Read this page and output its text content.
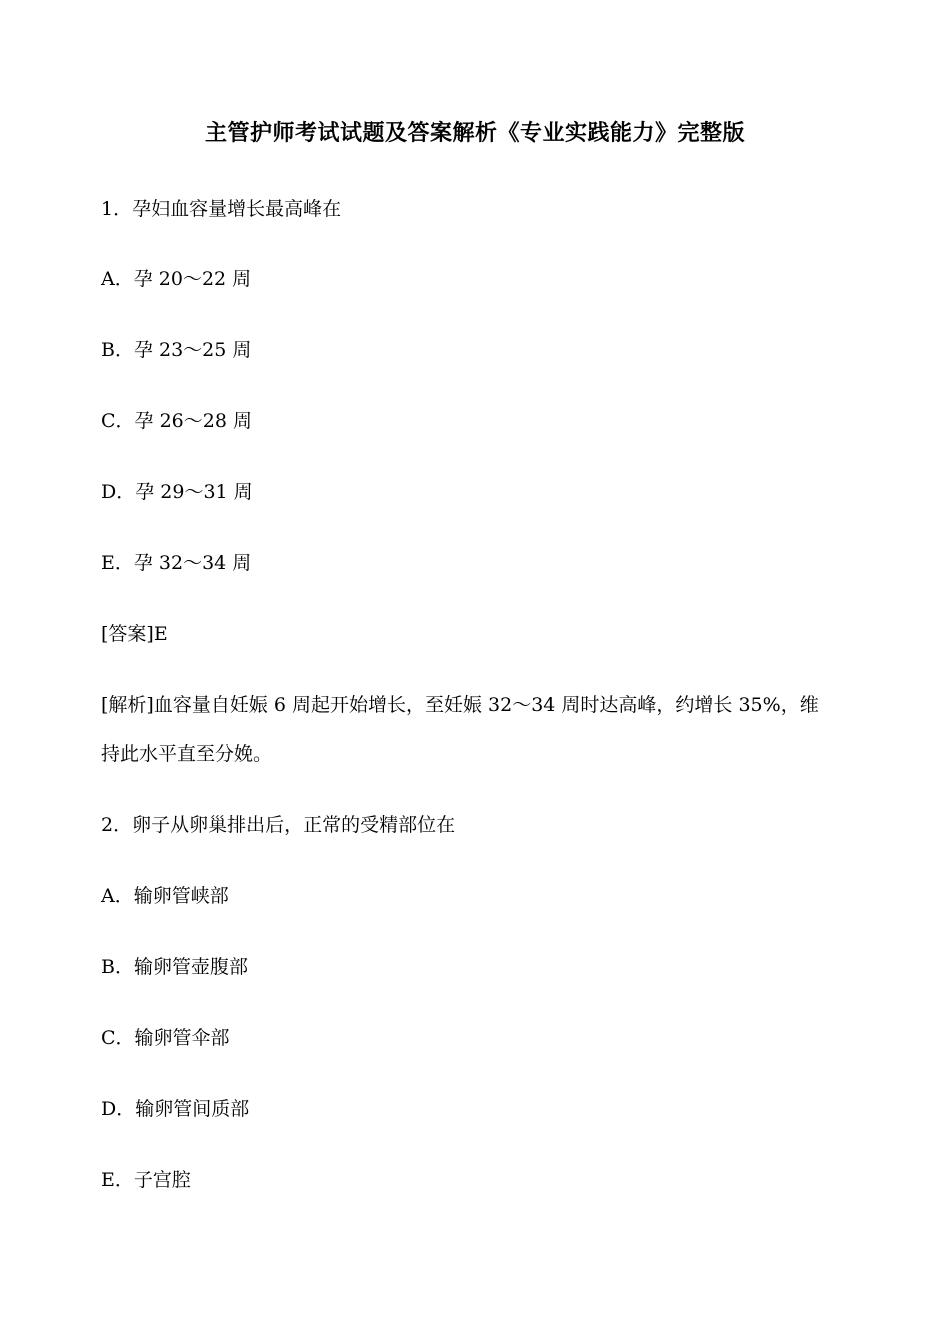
主管护师考试试题及答案解析《专业实践能力》完整版
1．孕妇血容量增长最高峰在
A．孕 20～22 周
B．孕 23～25 周
C．孕 26～28 周
D．孕 29～31 周
E．孕 32～34 周
[答案]E
[解析]血容量自妊娠 6 周起开始增长，至妊娠 32～34 周时达高峰，约增长 35%，维
持此水平直至分娩。
2．卵子从卵巢排出后，正常的受精部位在
A．输卵管峡部
B．输卵管壶腹部
C．输卵管伞部
D．输卵管间质部
E．子宫腔
